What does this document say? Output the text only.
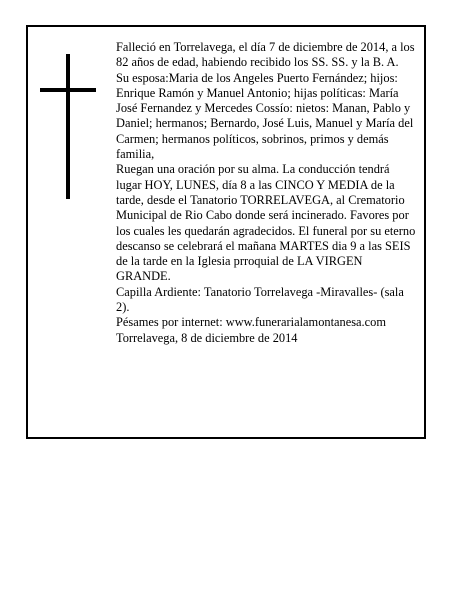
Falleció en Torrelavega, el día 7 de diciembre de 2014, a los 82 años de edad, habiendo recibido los SS. SS. y la B. A.

Su esposa:Maria de los Angeles Puerto Fernández; hijos: Enrique Ramón y Manuel Antonio; hijas políticas: María José Fernandez y Mercedes Cossío: nietos: Manan, Pablo y Daniel; hermanos; Bernardo, José Luis, Manuel y María del Carmen; hermanos políticos, sobrinos, primos y demás familia,

Ruegan una oración por su alma. La conducción tendrá lugar HOY, LUNES, día 8 a las CINCO Y MEDIA de la tarde, desde el Tanatorio TORRELAVEGA, al Crematorio Municipal de Rio Cabo donde será incinerado. Favores por los cuales les quedarán agradecidos. El funeral por su eterno descanso se celebrará el mañana MARTES dia 9 a las SEIS de la tarde en la Iglesia prroquial de LA VIRGEN GRANDE.

Capilla Ardiente: Tanatorio Torrelavega -Miravalles- (sala 2).

Pésames por internet: www.funerarialamontanesa.com

Torrelavega, 8 de diciembre de 2014
